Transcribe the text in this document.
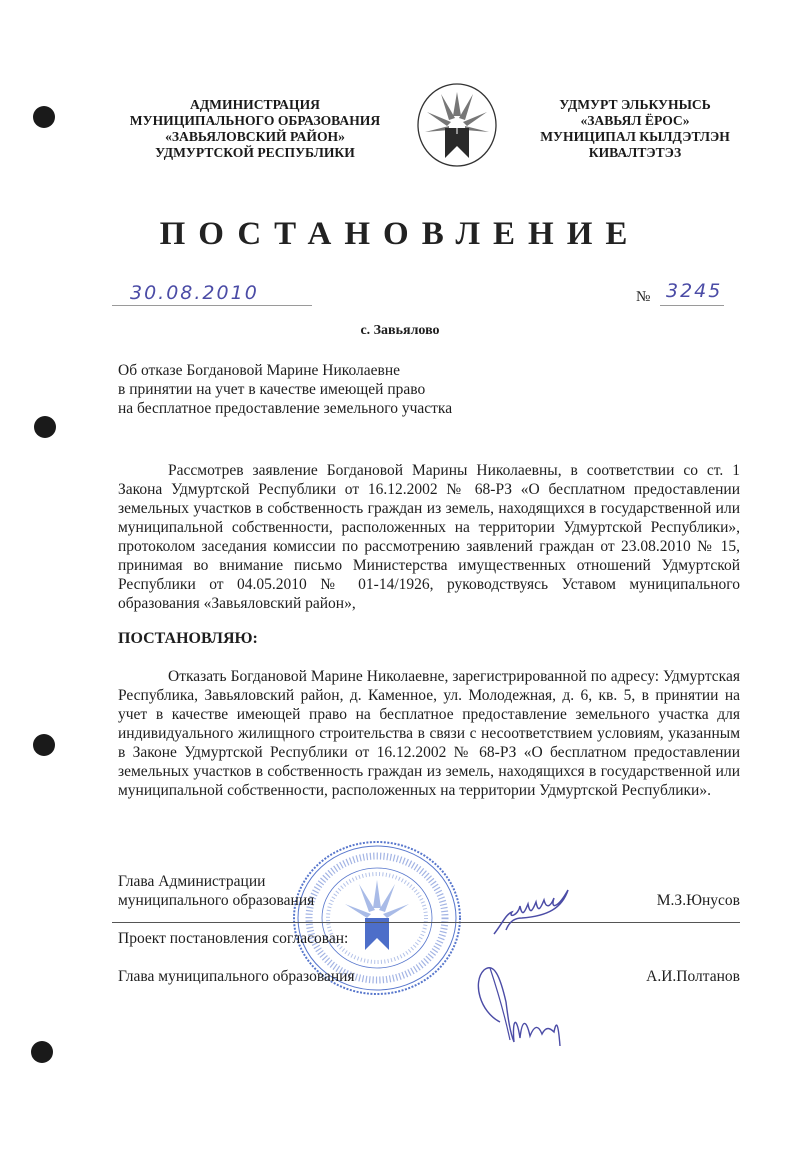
АДМИНИСТРАЦИЯ
МУНИЦИПАЛЬНОГО ОБРАЗОВАНИЯ
«ЗАВЬЯЛОВСКИЙ РАЙОН»
УДМУРТСКОЙ РЕСПУБЛИКИ
УДМУРТ ЭЛЬКУНЫСЬ
«ЗАВЬЯЛ ЁРОС»
МУНИЦИПАЛ КЫЛДЭТЛЭН
КИВАЛТЭТЭЗ
ПОСТАНОВЛЕНИЕ
30.08.2010	№ 3245
с. Завьялово
Об отказе Богдановой Марине Николаевне
в принятии на учет в качестве имеющей право
на бесплатное предоставление земельного участка

Рассмотрев заявление Богдановой Марины Николаевны, в соответствии со ст. 1 Закона Удмуртской Республики от 16.12.2002 № 68-РЗ «О бесплатном предоставлении земельных участков в собственность граждан из земель, находящихся в государственной или муниципальной собственности, расположенных на территории Удмуртской Республики», протоколом заседания комиссии по рассмотрению заявлений граждан от 23.08.2010 № 15, принимая во внимание письмо Министерства имущественных отношений Удмуртской Республики от 04.05.2010 № 01-14/1926, руководствуясь Уставом муниципального образования «Завьяловский район»,

ПОСТАНОВЛЯЮ:

Отказать Богдановой Марине Николаевне, зарегистрированной по адресу: Удмуртская Республика, Завьяловский район, д. Каменное, ул. Молодежная, д. 6, кв. 5, в принятии на учет в качестве имеющей право на бесплатное предоставление земельного участка для индивидуального жилищного строительства в связи с несоответствием условиям, указанным в Законе Удмуртской Республики от 16.12.2002 № 68-РЗ «О бесплатном предоставлении земельных участков в собственность граждан из земель, находящихся в государственной или муниципальной собственности, расположенных на территории Удмуртской Республики».

Глава Администрации
муниципального образования	М.З.Юнусов
Проект постановления согласован:
Глава муниципального образования	А.И.Полтанов
